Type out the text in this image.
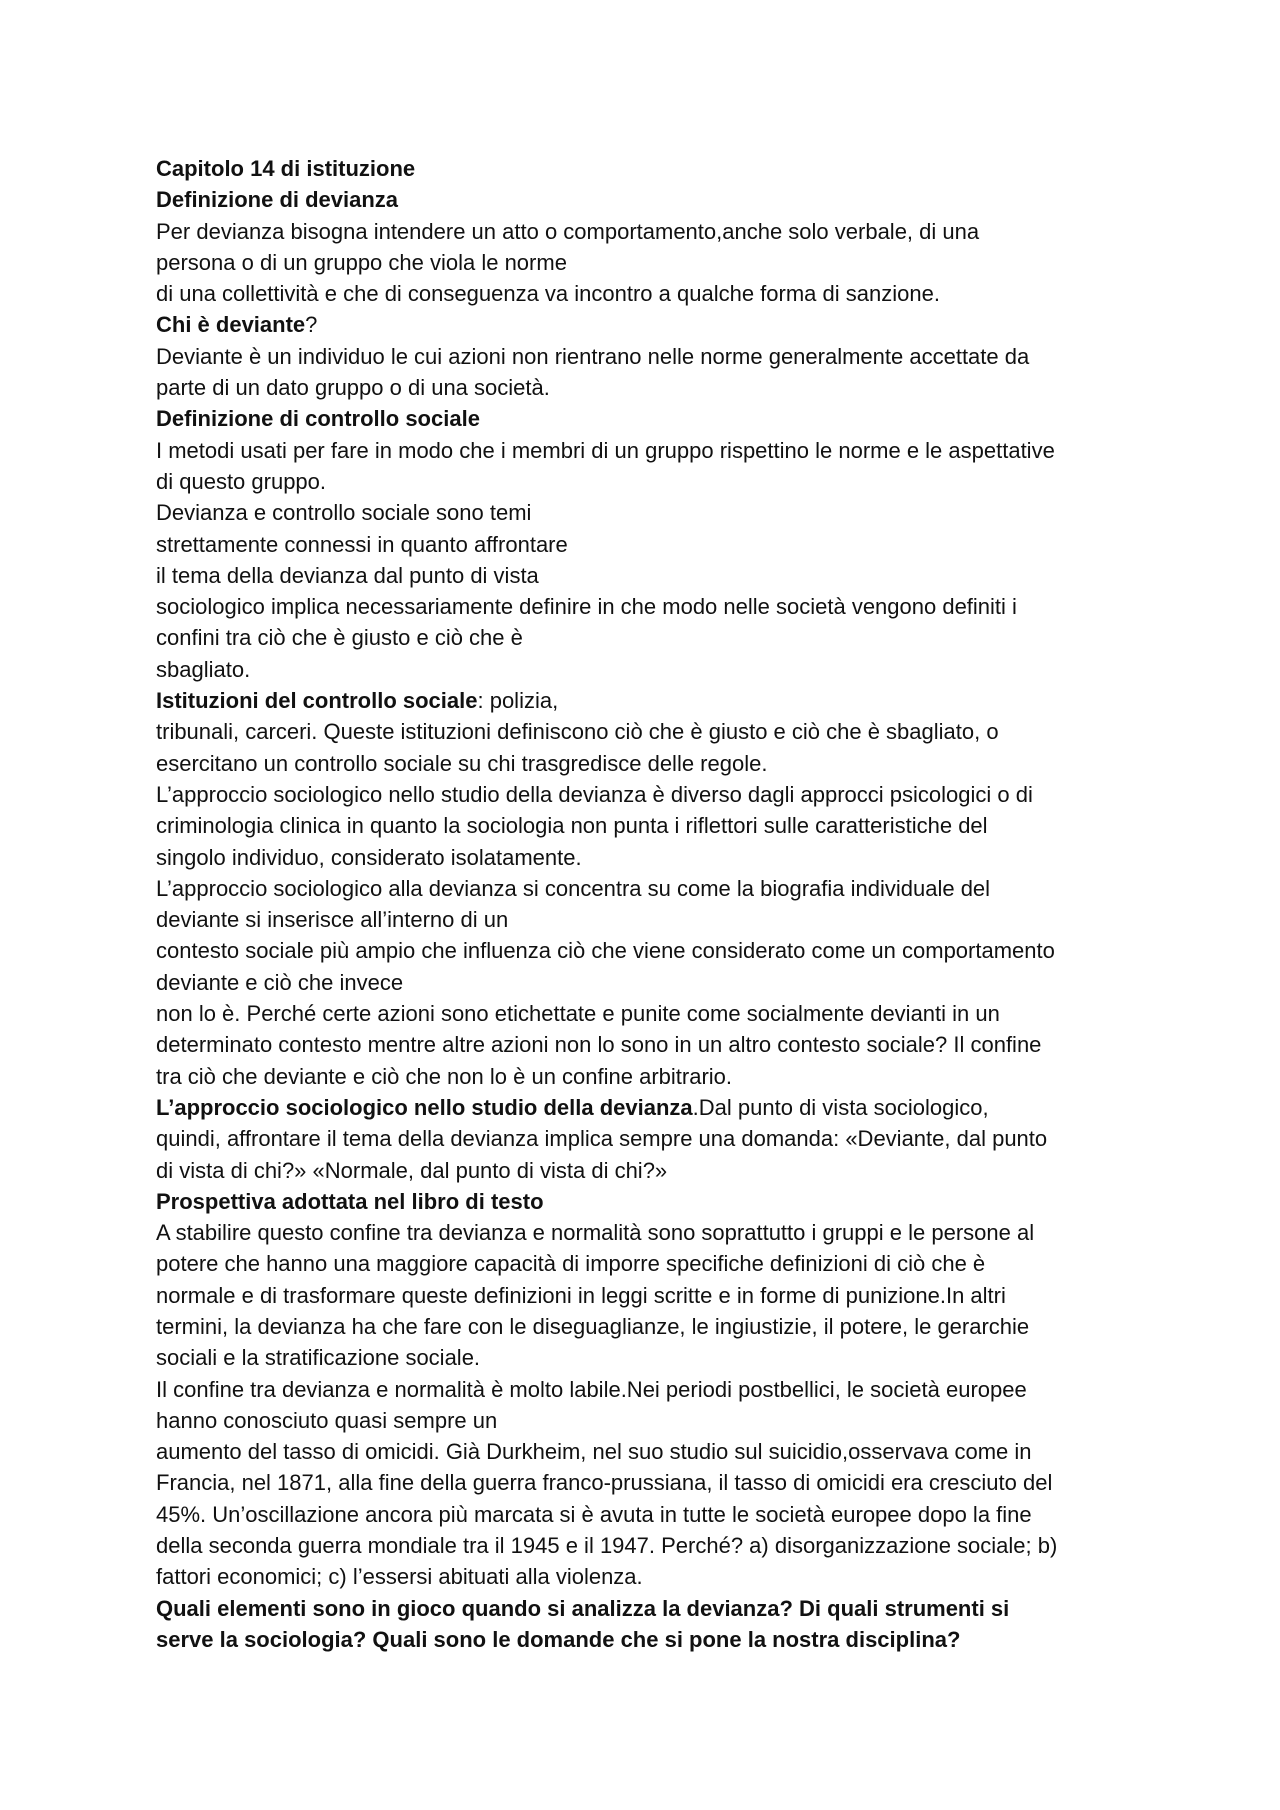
Capitolo 14 di istituzione
Definizione di devianza
Per devianza bisogna intendere un atto o comportamento,anche solo verbale, di una
persona o di un gruppo che viola le norme
di una collettività e che di conseguenza va incontro a qualche forma di sanzione.
Chi è deviante?
Deviante è un individuo le cui azioni non rientrano nelle norme generalmente accettate da
parte di un dato gruppo o di una società.
Definizione di controllo sociale
I metodi usati per fare in modo che i membri di un gruppo rispettino le norme e le aspettative
di questo gruppo.
Devianza e controllo sociale sono temi
strettamente connessi in quanto affrontare
il tema della devianza dal punto di vista
sociologico implica necessariamente definire in che modo nelle società vengono definiti i
confini tra ciò che è giusto e ciò che è
sbagliato.
Istituzioni del controllo sociale: polizia,
tribunali, carceri. Queste istituzioni definiscono ciò che è giusto e ciò che è sbagliato, o
esercitano un controllo sociale su chi trasgredisce delle regole.
L’approccio sociologico nello studio della devianza è diverso dagli approcci psicologici o di
criminologia clinica in quanto la sociologia non punta i riflettori sulle caratteristiche del
singolo individuo, considerato isolatamente.
L’approccio sociologico alla devianza si concentra su come la biografia individuale del
deviante si inserisce all’interno di un
contesto sociale più ampio che influenza ciò che viene considerato come un comportamento
deviante e ciò che invece
non lo è. Perché certe azioni sono etichettate e punite come socialmente devianti in un
determinato contesto mentre altre azioni non lo sono in un altro contesto sociale? Il confine
tra ciò che deviante e ciò che non lo è un confine arbitrario.
L’approccio sociologico nello studio della devianza.Dal punto di vista sociologico,
quindi, affrontare il tema della devianza implica sempre una domanda: «Deviante, dal punto
di vista di chi?» «Normale, dal punto di vista di chi?»
Prospettiva adottata nel libro di testo
A stabilire questo confine tra devianza e normalità sono soprattutto i gruppi e le persone al
potere che hanno una maggiore capacità di imporre specifiche definizioni di ciò che è
normale e di trasformare queste definizioni in leggi scritte e in forme di punizione.In altri
termini, la devianza ha che fare con le diseguaglianze, le ingiustizie, il potere, le gerarchie
sociali e la stratificazione sociale.
Il confine tra devianza e normalità è molto labile.Nei periodi postbellici, le società europee
hanno conosciuto quasi sempre un
aumento del tasso di omicidi. Già Durkheim, nel suo studio sul suicidio,osservava come in
Francia, nel 1871, alla fine della guerra franco-prussiana, il tasso di omicidi era cresciuto del
45%. Un’oscillazione ancora più marcata si è avuta in tutte le società europee dopo la fine
della seconda guerra mondiale tra il 1945 e il 1947. Perché? a) disorganizzazione sociale; b)
fattori economici; c) l’essersi abituati alla violenza.
Quali elementi sono in gioco quando si analizza la devianza? Di quali strumenti si
serve la sociologia? Quali sono le domande che si pone la nostra disciplina?
